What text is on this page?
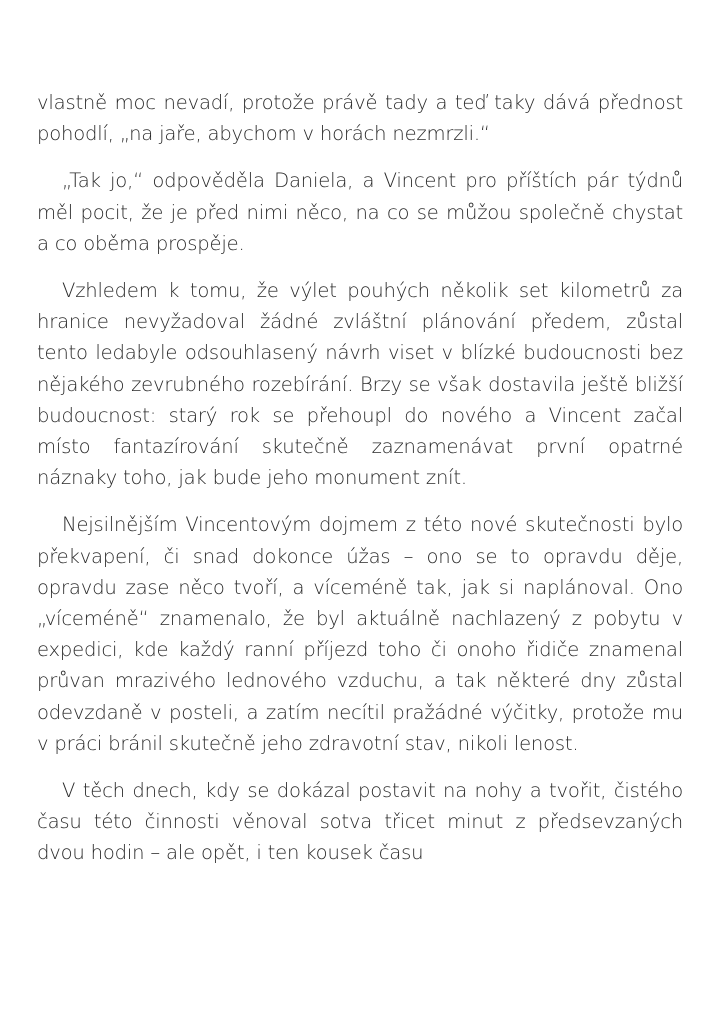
vlastně moc nevadí, protože právě tady a teď taky dává přednost pohodlí, „na jaře, abychom v horách nezmrzli.“

„Tak jo,“ odpověděla Daniela, a Vincent pro příštích pár týdnů měl pocit, že je před nimi něco, na co se můžou společně chystat a co oběma prospěje.

Vzhledem k tomu, že výlet pouhých několik set kilometrů za hranice nevyžadoval žádné zvláštní plánování předem, zůstal tento ledabyle odsouhlasený návrh viset v blízké budoucnosti bez nějakého zevrubného rozebírání. Brzy se však dostavila ještě bližší budoucnost: starý rok se přehoupl do nového a Vincent začal místo fantazírování skutečně zaznamenávat první opatrné náznaky toho, jak bude jeho monument znít.

Nejsilnějším Vincentovým dojmem z této nové skutečnosti bylo překvapení, či snad dokonce úžas – ono se to opravdu děje, opravdu zase něco tvoří, a víceméně tak, jak si naplánoval. Ono „víceméně“ znamenalo, že byl aktuálně nachlazený z pobytu v expedici, kde každý ranní příjezd toho či onoho řidiče znamenal průvan mrazivého lednového vzduchu, a tak některé dny zůstal odevzdaně v posteli, a zatím necítil pražádné výčitky, protože mu v práci bránil skutečně jeho zdravotní stav, nikoli lenost.

V těch dnech, kdy se dokázal postavit na nohy a tvořit, čistého času této činnosti věnoval sotva třicet minut z předsevzaných dvou hodin – ale opět, i ten kousek času
